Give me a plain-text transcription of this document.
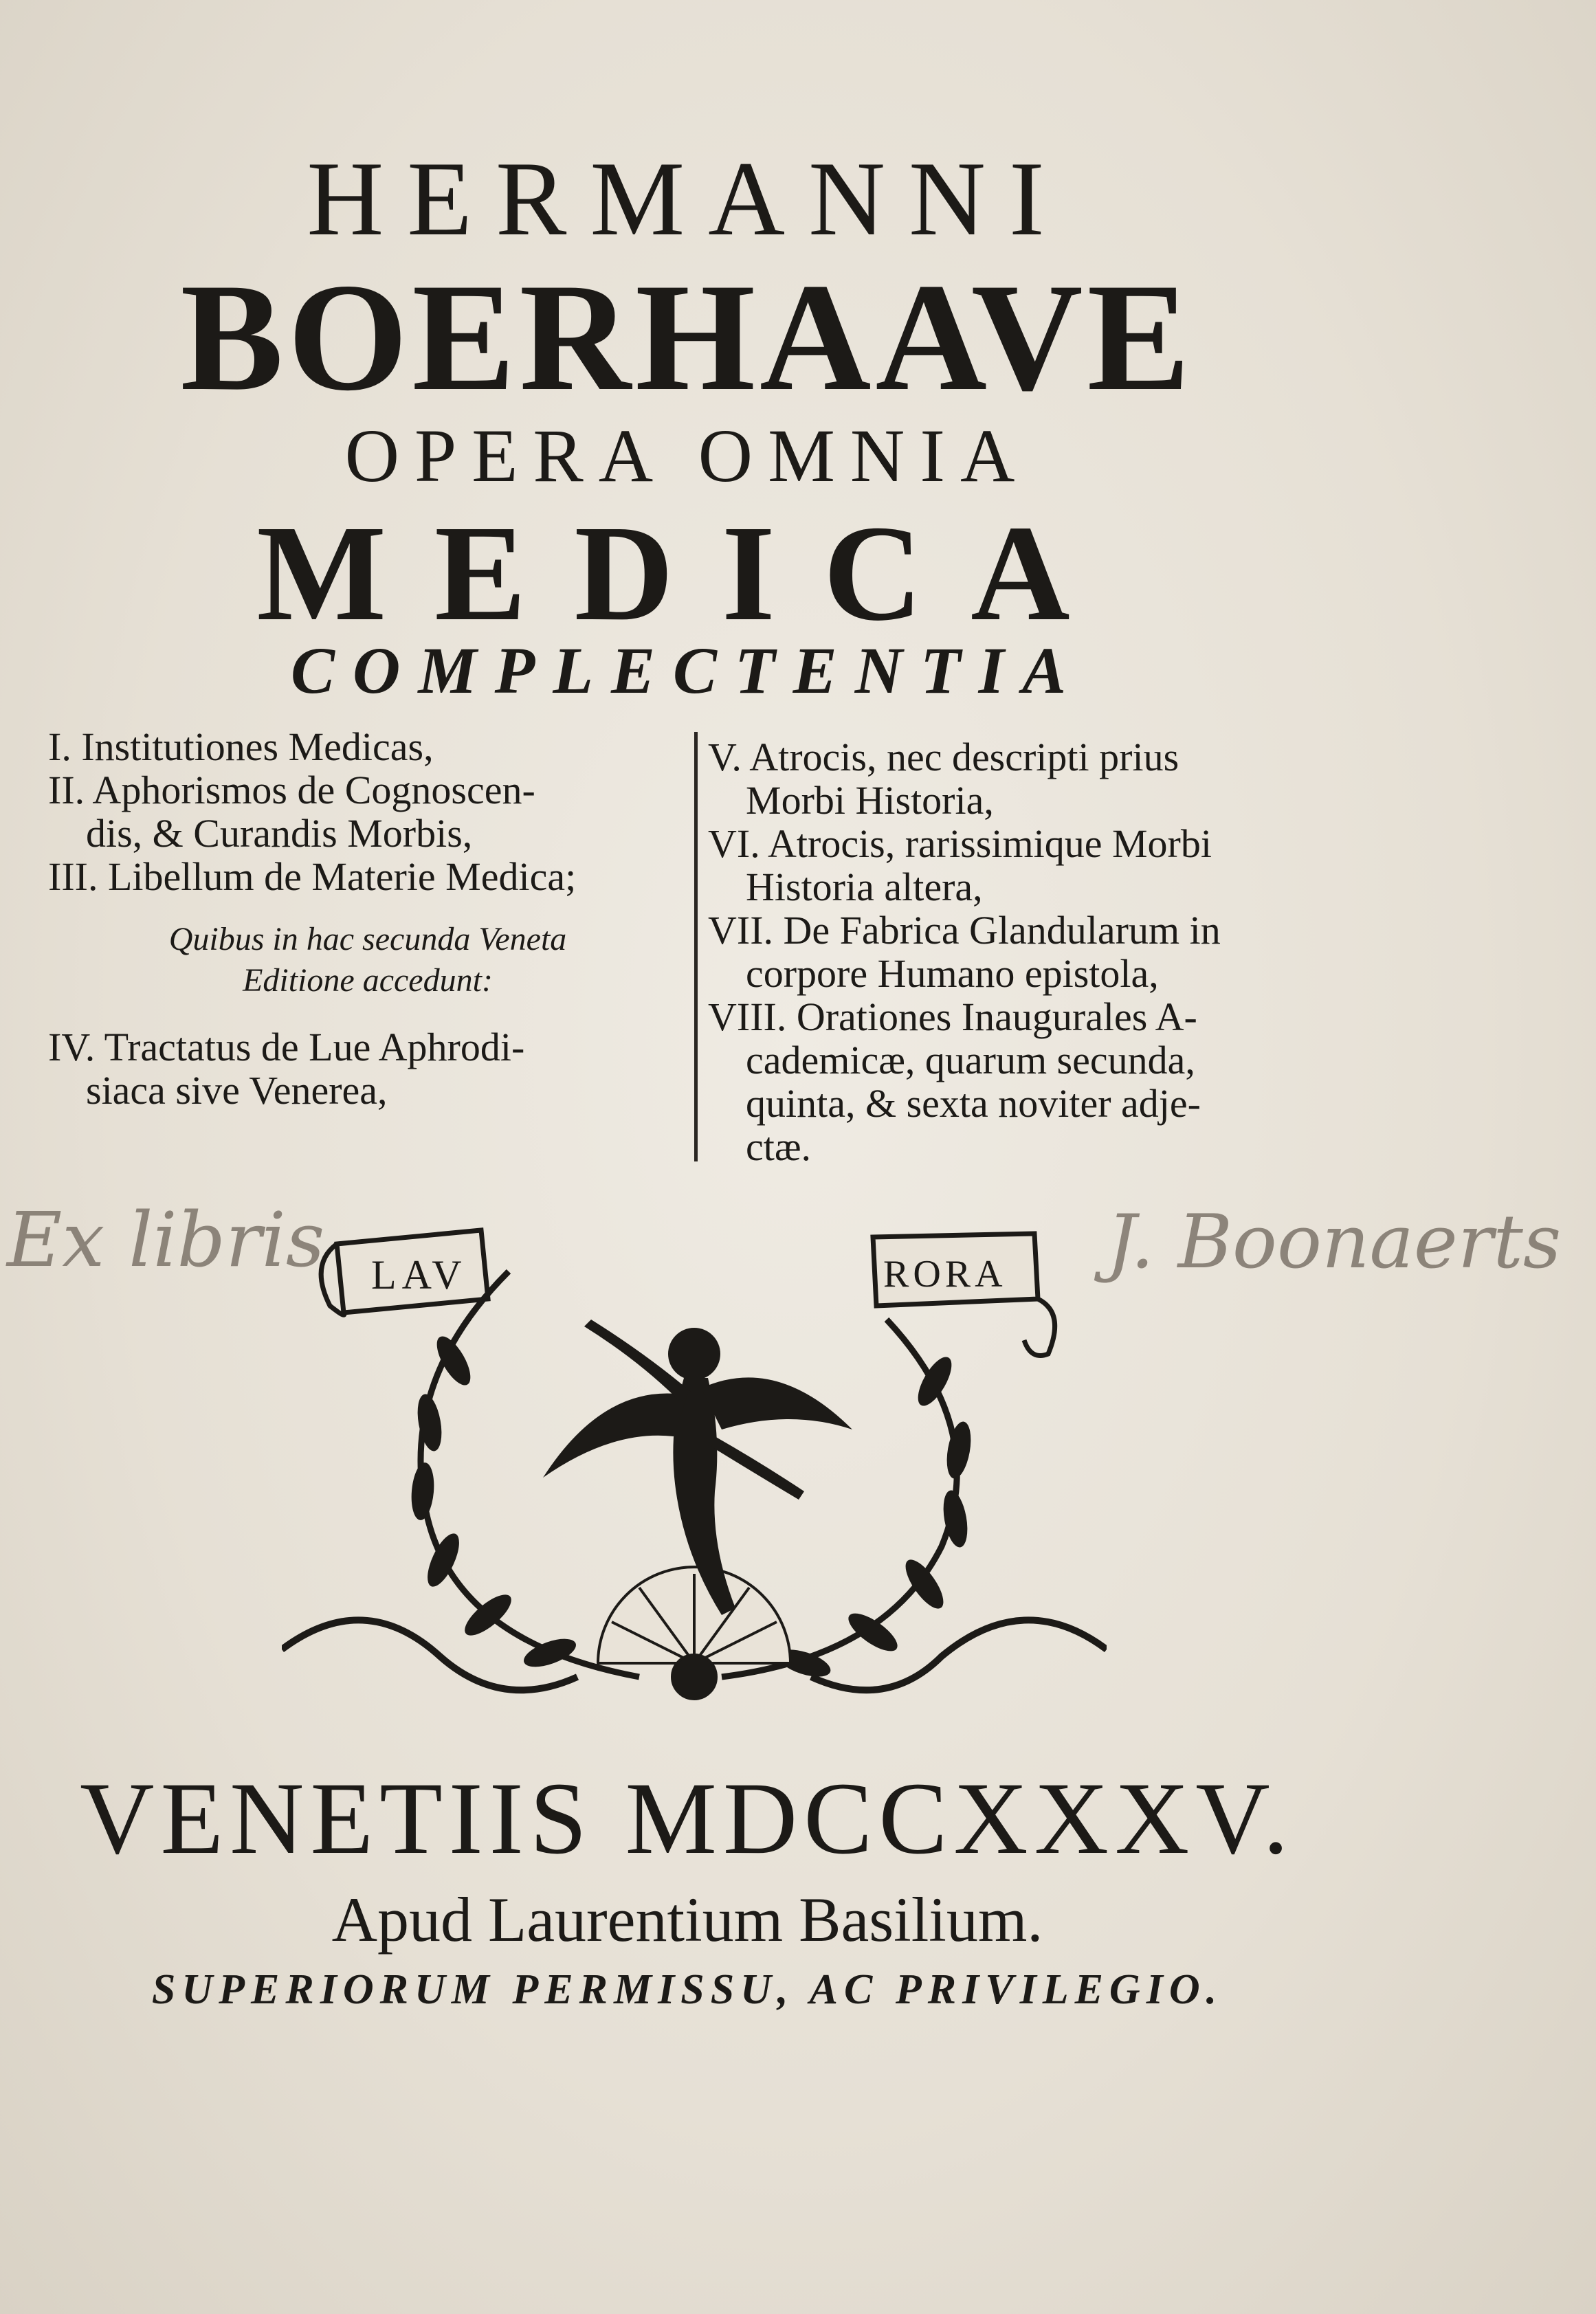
HERMANNI
BOERHAAVE
OPERA OMNIA
MEDICA
COMPLECTENTIA

I. Institutiones Medicas,

II. Aphorismos de Cognoscen-

dis, & Curandis Morbis,

III. Libellum de Materie Medica;

Quibus in hac secunda Veneta
Editione accedunt:

IV. Tractatus de Lue Aphrodi-

siaca sive Venerea,

V. Atrocis, nec descripti prius

Morbi Historia,

VI. Atrocis, rarissimique Morbi

Historia altera,

VII. De Fabrica Glandularum in

corpore Humano epistola,

VIII. Orationes Inaugurales A-

cademicæ, quarum secunda,

quinta, & sexta noviter adje-

ctæ.

Ex libris	J. Boonaerts
LAV	RORA
VENETIIS MDCCXXXV.
Apud Laurentium Basilium.
SUPERIORUM PERMISSU, AC PRIVILEGIO.
